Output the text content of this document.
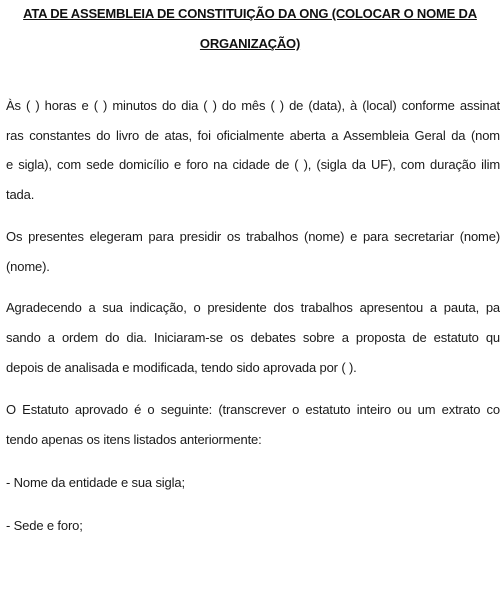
ATA DE ASSEMBLEIA DE CONSTITUIÇÃO DA ONG (COLOCAR O NOME DA
ORGANIZAÇÃO)
Às ( ) horas e ( ) minutos do dia ( ) do mês ( ) de (data), à (local) conforme assinat
ras constantes do livro de atas, foi oficialmente aberta a Assembleia Geral da (nom
e sigla), com sede domicílio e foro na cidade de ( ), (sigla da UF), com duração ilim
tada.
Os presentes elegeram para presidir os trabalhos (nome) e para secretariar (nome)
(nome).
Agradecendo a sua indicação, o presidente dos trabalhos apresentou a pauta, pa
sando a ordem do dia. Iniciaram-se os debates sobre a proposta de estatuto qu
depois de analisada e modificada, tendo sido aprovada por ( ).
O Estatuto aprovado é o seguinte: (transcrever o estatuto inteiro ou um extrato co
tendo apenas os itens listados anteriormente:
- Nome da entidade e sua sigla;
- Sede e foro;
